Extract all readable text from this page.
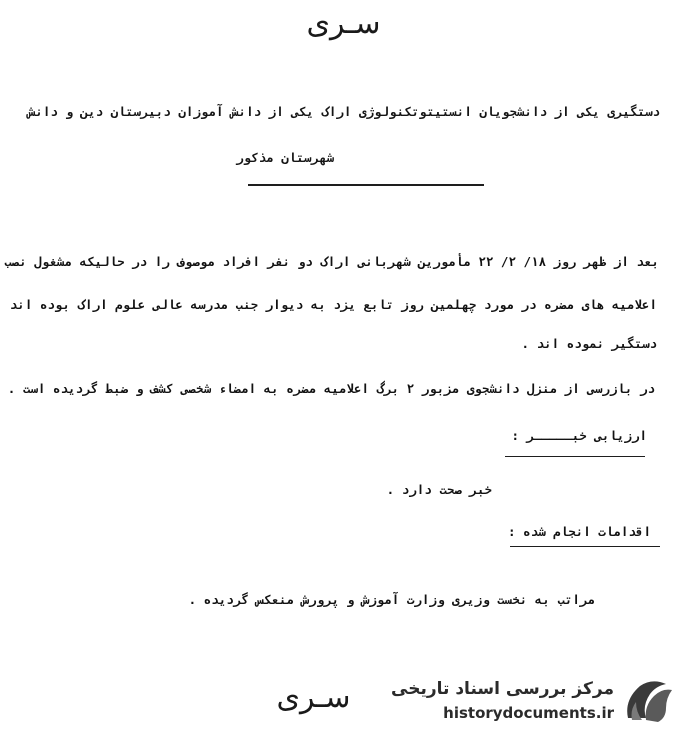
سـری
دستگیری یکی از دانشجویان انستیتوتکنولوژی اراک یکی از دانش آموزان دبیرستان دین و دانش
شهرستان مذکور
بعد از ظهر روز ۱۸/ ۲/ ۲۲ مأمورین شهربانی اراک دو نفر افراد موصوف را در حالیکه مشغول نصب
اعلامیه های مضره در مورد چهلمین روز تابع یزد به دیوار جنب مدرسه عالی علوم اراک بوده اند
دستگیر نموده اند .
در بازرسی از منزل دانشجوی مزبور ۲ برگ اعلامیه مضره به امضاء شخصی کشف و ضبط گردیده است .
ارزیابی خبـــــر :
خبر صحت دارد .
اقدامات انجام شده :
مراتب به نخست وزیری وزارت آموزش و پرورش منعکس گردیده .
سـری	مرکز بررسی اسناد تاریخی
historydocuments.ir
